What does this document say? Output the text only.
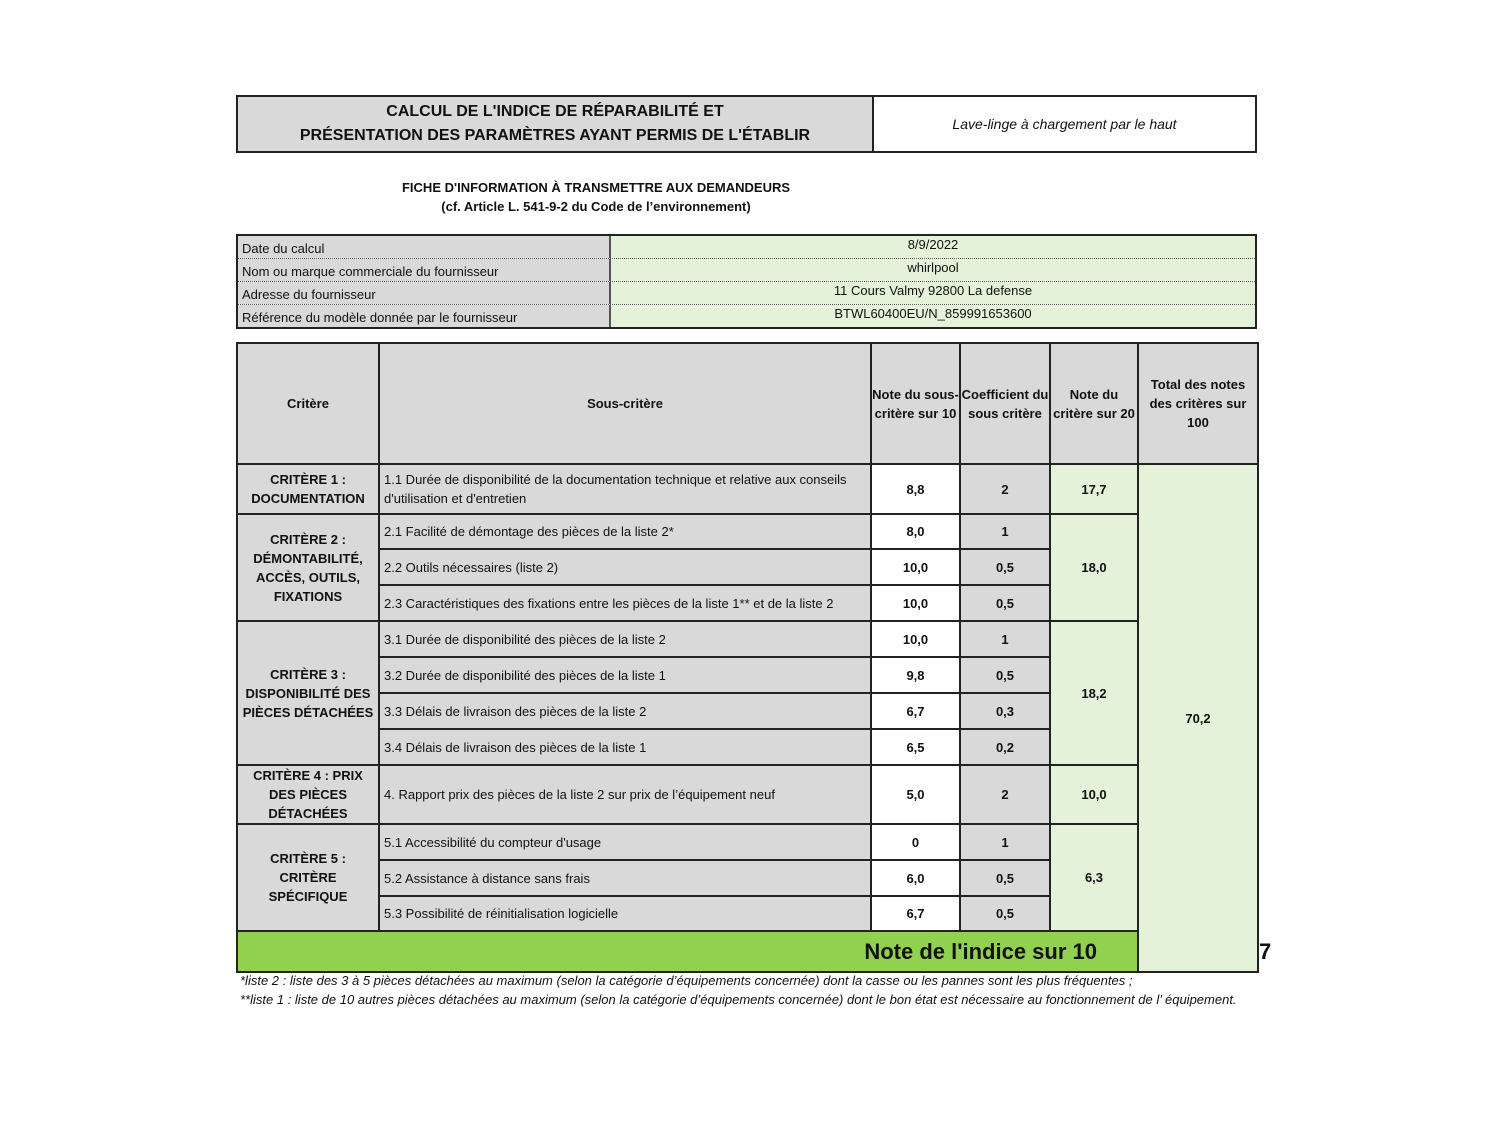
CALCUL DE L'INDICE DE RÉPARABILITÉ ET
PRÉSENTATION DES PARAMÈTRES AYANT PERMIS DE L'ÉTABLIR
Lave-linge à chargement par le haut
FICHE D'INFORMATION À TRANSMETTRE AUX DEMANDEURS
(cf. Article L. 541-9-2 du Code de l’environnement)
Date du calcul	8/9/2022
Nom ou marque commerciale du fournisseur	whirlpool
Adresse du fournisseur	11 Cours Valmy 92800 La defense
Référence du modèle donnée par le fournisseur	BTWL60400EU/N_859991653600
Critère	Sous-critère	Note du sous-critère sur 10	Coefficient du sous critère	Note du critère sur 20	Total des notes des critères sur 100	
CRITÈRE 1 : DOCUMENTATION	1.1 Durée de disponibilité de la documentation technique et relative aux conseils d'utilisation et d'entretien	8,8	2	17,7	70,2	
CRITÈRE 2 : DÉMONTABILITÉ, ACCÈS, OUTILS, FIXATIONS	2.1 Facilité de démontage des pièces de la liste 2*	8,0	1	18,0		
	2.2 Outils nécessaires (liste 2)	10,0	0,5			
	2.3 Caractéristiques des fixations entre les pièces de la liste 1** et de la liste 2	10,0	0,5			
CRITÈRE 3 : DISPONIBILITÉ DES PIÈCES DÉTACHÉES	3.1 Durée de disponibilité des pièces de la liste 2	10,0	1	18,2		
	3.2 Durée de disponibilité des pièces de la liste 1	9,8	0,5			
	3.3 Délais de livraison des pièces de la liste 2	6,7	0,3			
	3.4 Délais de livraison des pièces de la liste 1	6,5	0,2			
CRITÈRE 4 : PRIX DES PIÈCES DÉTACHÉES	4. Rapport prix des pièces de la liste 2 sur prix de l’équipement neuf	5,0	2	10,0		
CRITÈRE 5 : CRITÈRE SPÉCIFIQUE	5.1 Accessibilité du compteur d'usage	0	1	6,3		
	5.2 Assistance à distance sans frais	6,0	0,5			
	5.3 Possibilité de réinitialisation logicielle	6,7	0,5			
Note de l'indice sur 10						7
*liste 2 : liste des 3 à 5 pièces détachées au maximum (selon la catégorie d’équipements concernée) dont la casse ou les pannes sont les plus fréquentes ;
**liste 1 : liste de 10 autres pièces détachées au maximum (selon la catégorie d’équipements concernée) dont le bon état est nécessaire au fonctionnement de l’ équipement.
